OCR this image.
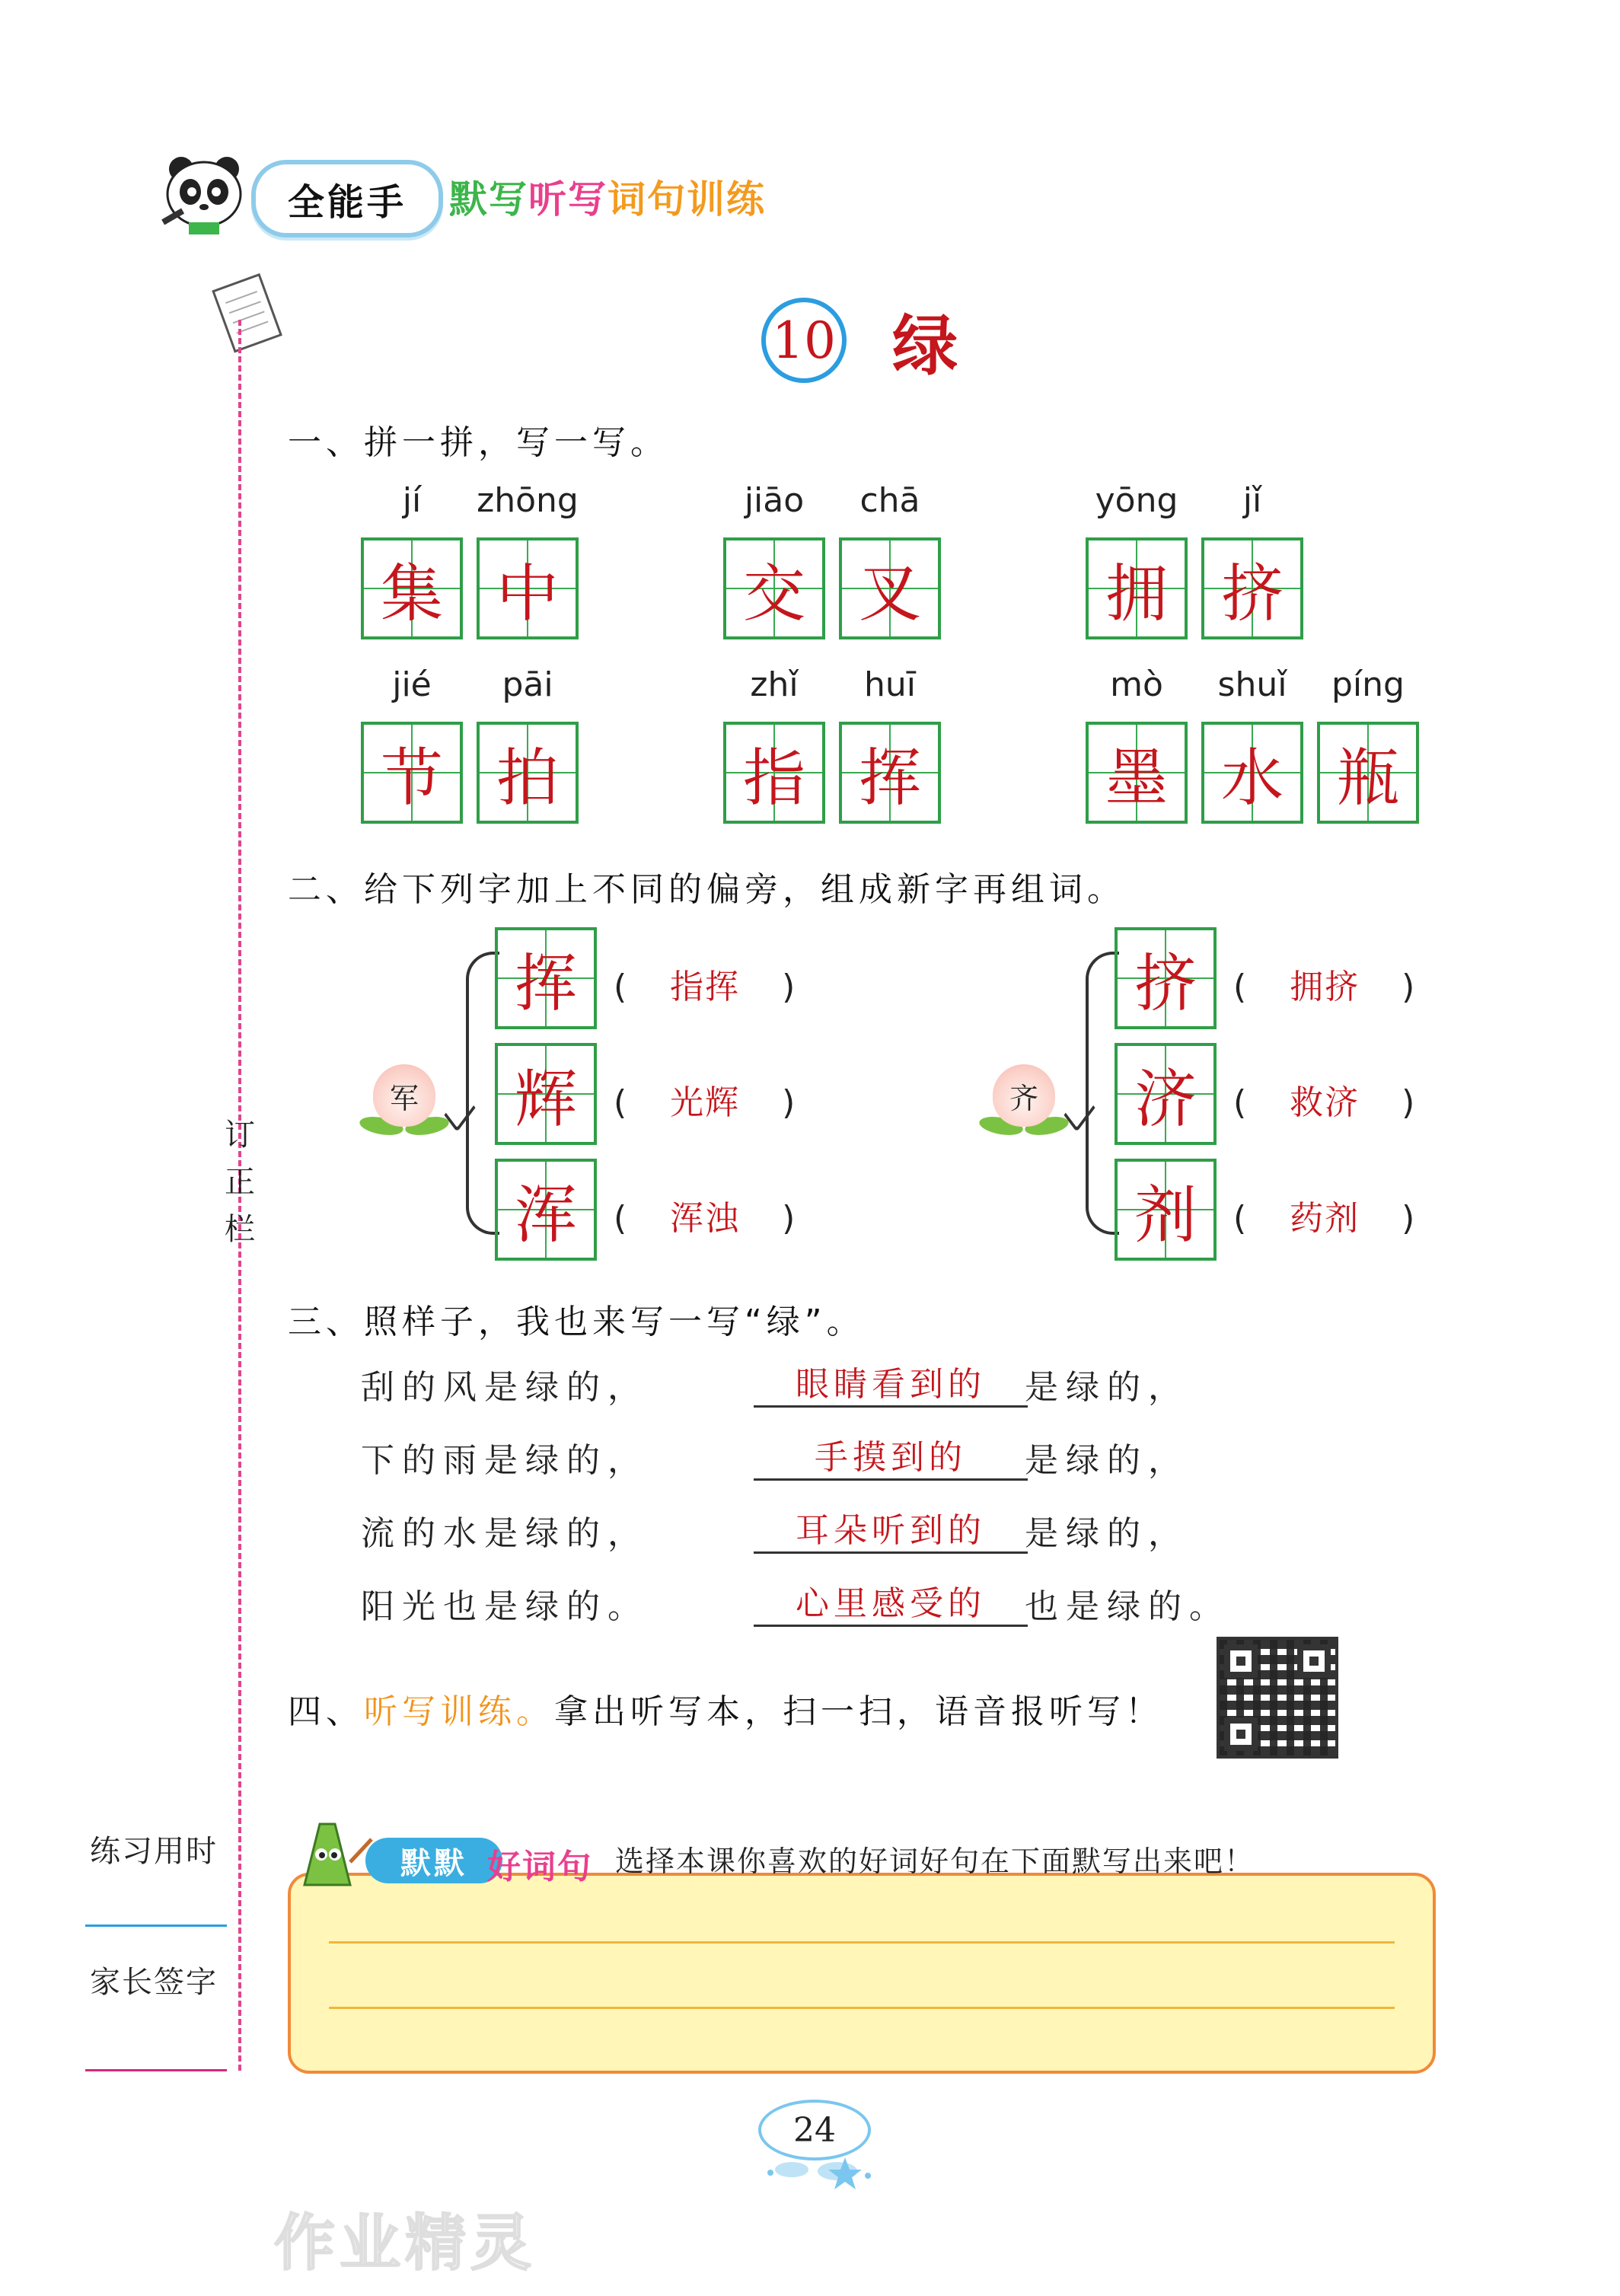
全能手	默写听写词句训练
订
正
栏
10 绿
一、拼一拼，写一写。
jí	zhōng
集 中
jiāo	chā
交 叉
yōng	jǐ
拥 挤
jié	pāi
节 拍
zhǐ	huī
指 挥
mò	shuǐ	píng
墨 水 瓶
二、给下列字加上不同的偏旁，组成新字再组词。
军
挥 ( 指挥 )
辉 ( 光辉 )
浑 ( 浑浊 )
齐
挤 ( 拥挤 )
济 ( 救济 )
剂 ( 药剂 )
三、照样子，我也来写一写“绿”。
刮的风是绿的，	眼睛看到的	是绿的，
下的雨是绿的，	手摸到的	是绿的，
流的水是绿的，	耳朵听到的	是绿的，
阳光也是绿的。	心里感受的	也是绿的。
四、听写训练。拿出听写本，扫一扫，语音报听写！
练习用时
家长签字
默默 好词句 选择本课你喜欢的好词好句在下面默写出来吧！
24
作业精灵
